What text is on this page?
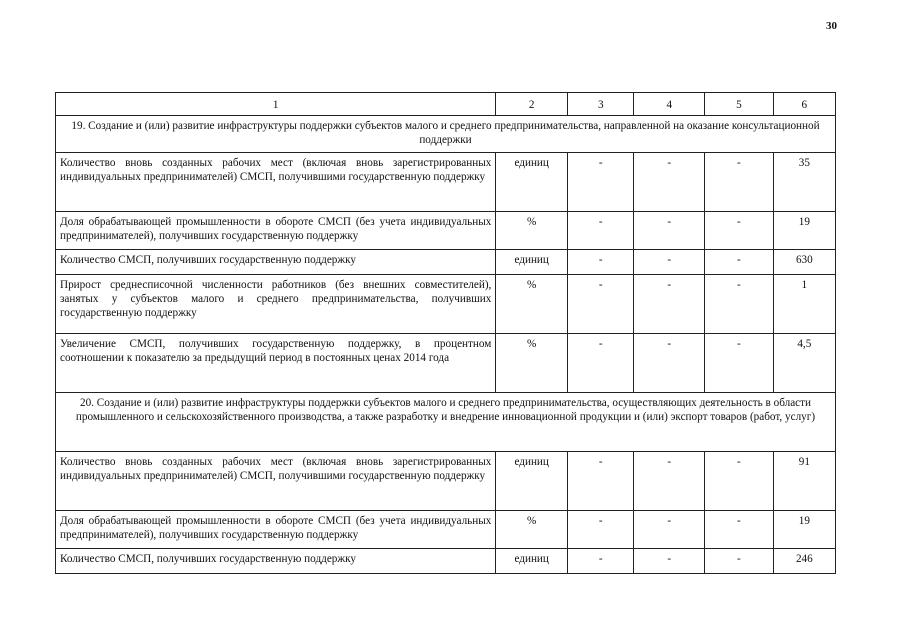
30
1	2	3	4	5	6
19. Создание и (или) развитие инфраструктуры поддержки субъектов малого и среднего предпринимательства, направленной на оказание консультационной поддержки					
Количество вновь созданных рабочих мест (включая вновь зарегистрированных индивидуальных предпринимателей) СМСП, получившими государственную поддержку	единиц	-	-	-	35
Доля обрабатывающей промышленности в обороте СМСП (без учета индивидуальных предпринимателей), получивших государственную поддержку	%	-	-	-	19
Количество СМСП, получивших государственную поддержку	единиц	-	-	-	630
Прирост среднесписочной численности работников (без внешних совместителей), занятых у субъектов малого и среднего предпринимательства, получивших государственную поддержку	%	-	-	-	1
Увеличение СМСП, получивших государственную поддержку, в процентном соотношении к показателю за предыдущий период в постоянных ценах 2014 года	%	-	-	-	4,5
20. Создание и (или) развитие инфраструктуры поддержки субъектов малого и среднего предпринимательства, осуществляющих деятельность в области промышленного и сельскохозяйственного производства, а также разработку и внедрение инновационной продукции и (или) экспорт товаров (работ, услуг)					
Количество вновь созданных рабочих мест (включая вновь зарегистрированных индивидуальных предпринимателей) СМСП, получившими государственную поддержку	единиц	-	-	-	91
Доля обрабатывающей промышленности в обороте СМСП (без учета индивидуальных предпринимателей), получивших государственную поддержку	%	-	-	-	19
Количество СМСП, получивших государственную поддержку	единиц	-	-	-	246
